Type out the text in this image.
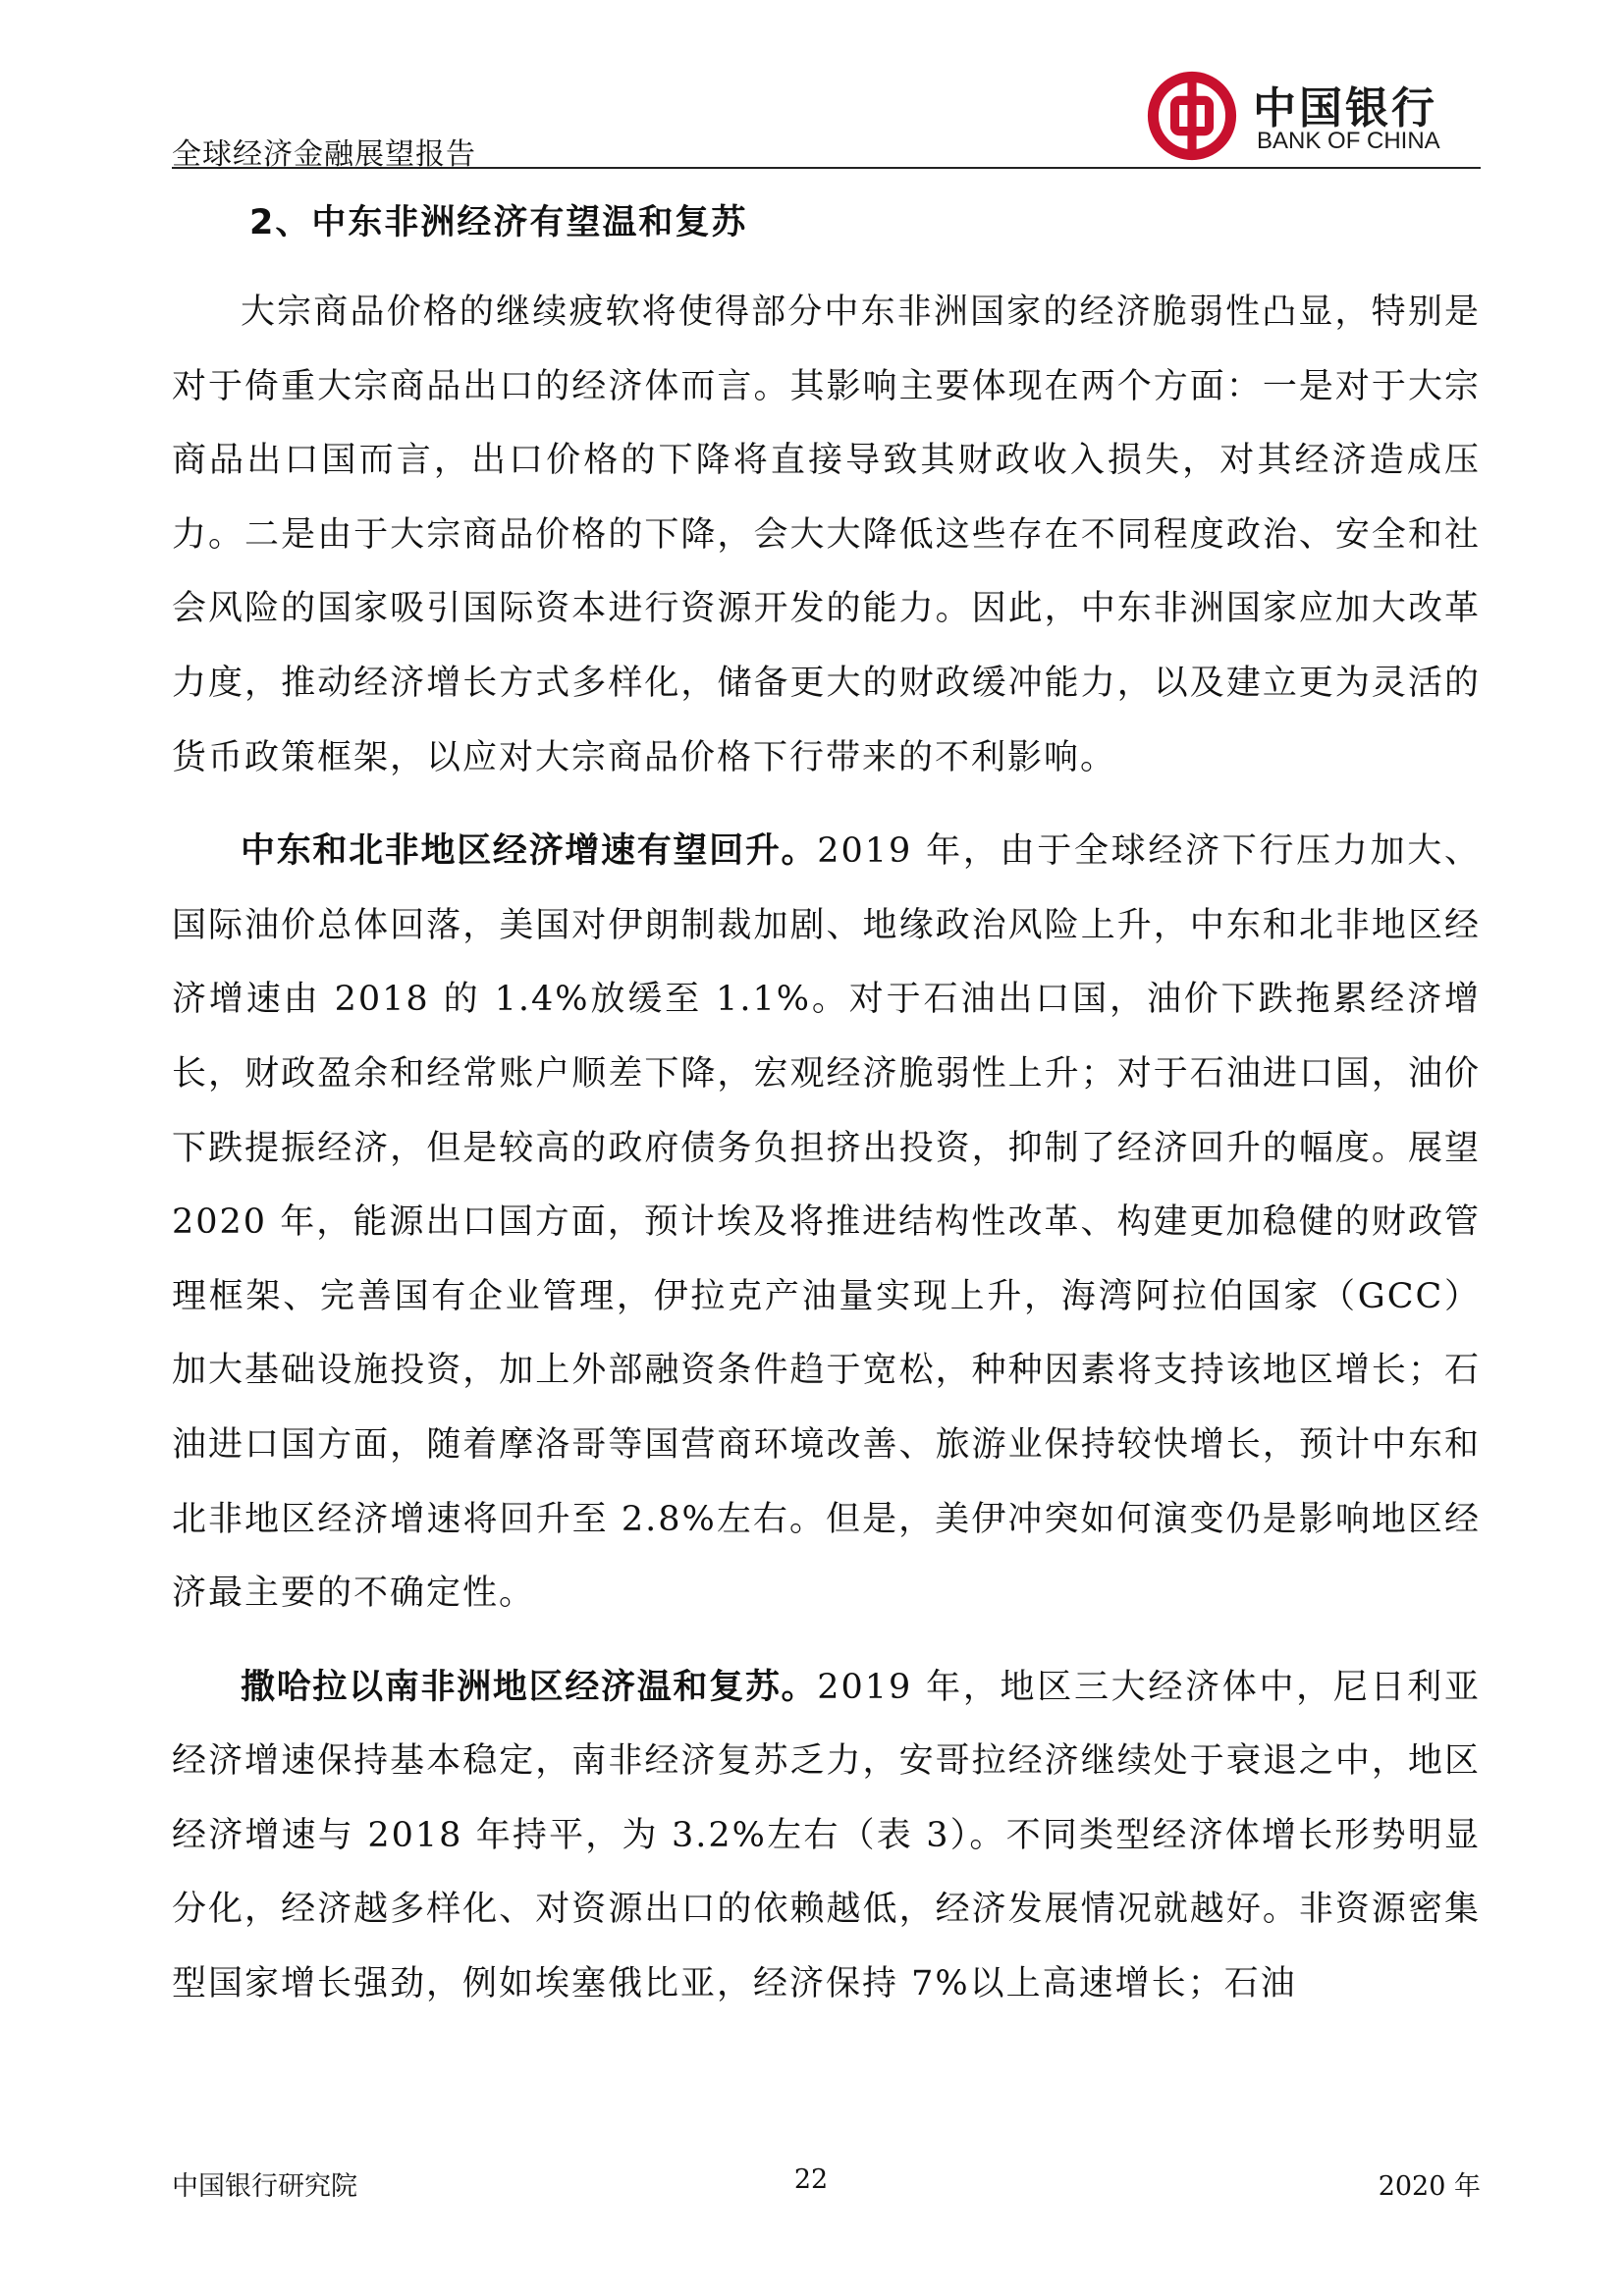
全球经济金融展望报告
中国银行
BANK OF CHINA
2、中东非洲经济有望温和复苏

大宗商品价格的继续疲软将使得部分中东非洲国家的经济脆弱性凸显，特别是对于倚重大宗商品出口的经济体而言。其影响主要体现在两个方面：一是对于大宗商品出口国而言，出口价格的下降将直接导致其财政收入损失，对其经济造成压力。二是由于大宗商品价格的下降，会大大降低这些存在不同程度政治、安全和社会风险的国家吸引国际资本进行资源开发的能力。因此，中东非洲国家应加大改革力度，推动经济增长方式多样化，储备更大的财政缓冲能力，以及建立更为灵活的货币政策框架，以应对大宗商品价格下行带来的不利影响。

中东和北非地区经济增速有望回升。2019 年，由于全球经济下行压力加大、国际油价总体回落，美国对伊朗制裁加剧、地缘政治风险上升，中东和北非地区经济增速由 2018 的 1.4%放缓至 1.1%。对于石油出口国，油价下跌拖累经济增长，财政盈余和经常账户顺差下降，宏观经济脆弱性上升；对于石油进口国，油价下跌提振经济，但是较高的政府债务负担挤出投资，抑制了经济回升的幅度。展望 2020 年，能源出口国方面，预计埃及将推进结构性改革、构建更加稳健的财政管理框架、完善国有企业管理，伊拉克产油量实现上升，海湾阿拉伯国家（GCC）加大基础设施投资，加上外部融资条件趋于宽松，种种因素将支持该地区增长；石油进口国方面，随着摩洛哥等国营商环境改善、旅游业保持较快增长，预计中东和北非地区经济增速将回升至 2.8%左右。但是，美伊冲突如何演变仍是影响地区经济最主要的不确定性。

撒哈拉以南非洲地区经济温和复苏。2019 年，地区三大经济体中，尼日利亚经济增速保持基本稳定，南非经济复苏乏力，安哥拉经济继续处于衰退之中，地区经济增速与 2018 年持平，为 3.2%左右（表 3）。不同类型经济体增长形势明显分化，经济越多样化、对资源出口的依赖越低，经济发展情况就越好。非资源密集型国家增长强劲，例如埃塞俄比亚，经济保持 7%以上高速增长；石油

中国银行研究院	22	2020 年
